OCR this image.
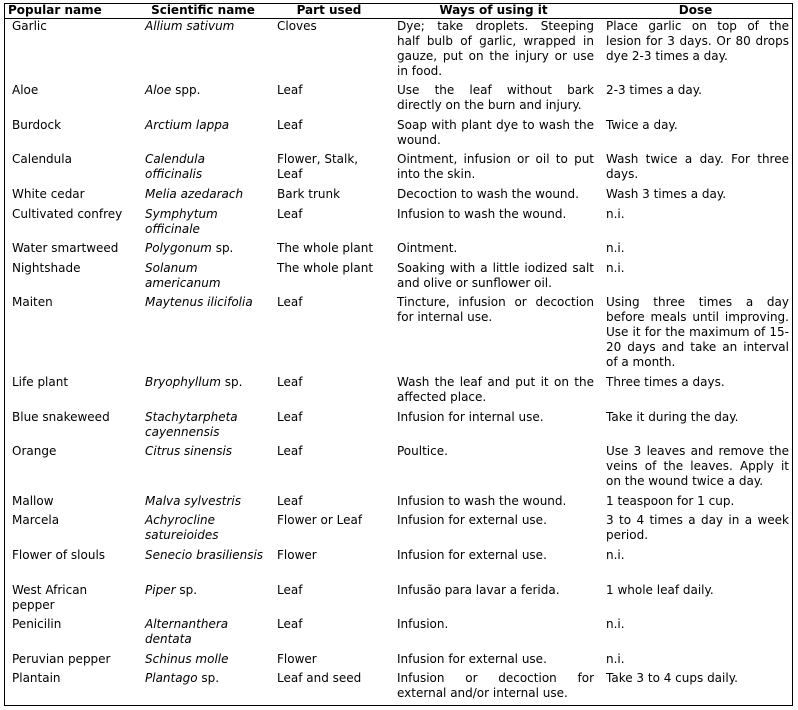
Popular name	Scientific name	Part used	Ways of using it	Dose
Garlic	Allium sativum	Cloves	Dye; take droplets. Steeping half bulb of garlic, wrapped in gauze, put on the injury or use in food.	Place garlic on top of the lesion for 3 days. Or 80 drops dye 2-3 times a day.
Aloe	Aloe spp.	Leaf	Use the leaf without bark directly on the burn and injury.	2-3 times a day.
Burdock	Arctium lappa	Leaf	Soap with plant dye to wash the wound.	Twice a day.
Calendula	Calendula officinalis	Flower, Stalk, Leaf	Ointment, infusion or oil to put into the skin.	Wash twice a day. For three days.
White cedar	Melia azedarach	Bark trunk	Decoction to wash the wound.	Wash 3 times a day.
Cultivated confrey	Symphytum officinale	Leaf	Infusion to wash the wound.	n.i.
Water smartweed	Polygonum sp.	The whole plant	Ointment.	n.i.
Nightshade	Solanum americanum	The whole plant	Soaking with a little iodized salt and olive or sunflower oil.	n.i.
Maiten	Maytenus ilicifolia	Leaf	Tincture, infusion or decoction for internal use.	Using three times a day before meals until improving. Use it for the maximum of 15-20 days and take an interval of a month.
Life plant	Bryophyllum sp.	Leaf	Wash the leaf and put it on the affected place.	Three times a days.
Blue snakeweed	Stachytarpheta cayennensis	Leaf	Infusion for internal use.	Take it during the day.
Orange	Citrus sinensis	Leaf	Poultice.	Use 3 leaves and remove the veins of the leaves. Apply it on the wound twice a day.
Mallow	Malva sylvestris	Leaf	Infusion to wash the wound.	1 teaspoon for 1 cup.
Marcela	Achyrocline satureioides	Flower or Leaf	Infusion for external use.	3 to 4 times a day in a week period.
Flower of slouls	Senecio brasiliensis	Flower	Infusion for external use.	n.i.
West African pepper	Piper sp.	Leaf	Infusão para lavar a ferida.	1 whole leaf daily.
Penicilin	Alternanthera dentata	Leaf	Infusion.	n.i.
Peruvian pepper	Schinus molle	Flower	Infusion for external use.	n.i.
Plantain	Plantago sp.	Leaf and seed	Infusion or decoction for external and/or internal use.	Take 3 to 4 cups daily.
